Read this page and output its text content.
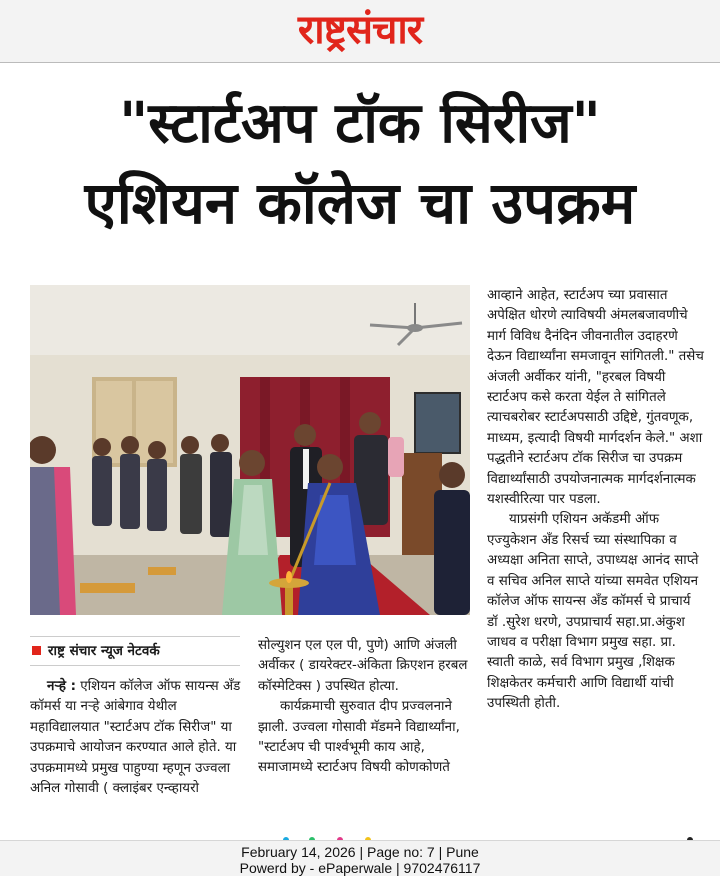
राष्ट्रसंचार
"स्टार्टअप टॉक सिरीज"
एशियन कॉलेज चा उपक्रम
राष्ट्र संचार न्यूज नेटवर्क

नऱ्हे : एशियन कॉलेज ऑफ सायन्स अँड कॉमर्स या नऱ्हे आंबेगाव येथील महाविद्यालयात "स्टार्टअप टॉक सिरीज" या उपक्रमाचे आयोजन करण्यात आले होते. या उपक्रमामध्ये प्रमुख पाहुण्या म्हणून उज्वला अनिल गोसावी ( क्लाइंबर एन्व्हायरो

सोल्युशन एल एल पी, पुणे) आणि अंजली अर्वीकर ( डायरेक्टर-अंकिता क्रिएशन हरबल कॉस्मेटिक्स ) उपस्थित होत्या.

कार्यक्रमाची सुरुवात दीप प्रज्वलनाने झाली. उज्वला गोसावी मॅडमने विद्यार्थ्यांना, "स्टार्टअप ची पार्श्वभूमी काय आहे, समाजामध्ये स्टार्टअप विषयी कोणकोणते

आव्हाने आहेत, स्टार्टअप च्या प्रवासात अपेक्षित धोरणे त्याविषयी अंमलबजावणीचे मार्ग विविध दैनंदिन जीवनातील उदाहरणे देऊन विद्यार्थ्यांना समजावून सांगितली." तसेच अंजली अर्वीकर यांनी, "हरबल विषयी स्टार्टअप कसे करता येईल ते सांगितले त्याचबरोबर स्टार्टअपसाठी उद्दिष्टे, गुंतवणूक, माध्यम, इत्यादी विषयी मार्गदर्शन केले." अशा पद्धतीने स्टार्टअप टॉक सिरीज चा उपक्रम विद्यार्थ्यांसाठी उपयोजनात्मक मार्गदर्शनात्मक यशस्वीरित्या पार पडला.

याप्रसंगी एशियन अकॅडमी ऑफ एज्युकेशन अँड रिसर्च च्या संस्थापिका व अध्यक्षा अनिता साप्ते, उपाध्यक्ष आनंद साप्ते व सचिव अनिल साप्ते यांच्या समवेत एशियन कॉलेज ऑफ सायन्स अँड कॉमर्स चे प्राचार्य डॉ .सुरेश धरणे, उपप्राचार्य सहा.प्रा.अंकुश जाधव व परीक्षा विभाग प्रमुख सहा. प्रा. स्वाती काळे, सर्व विभाग प्रमुख ,शिक्षक शिक्षकेतर कर्मचारी आणि विद्यार्थी यांची उपस्थिती होती.

February 14, 2026 | Page no: 7 | Pune
Powerd by - ePaperwale | 9702476117
